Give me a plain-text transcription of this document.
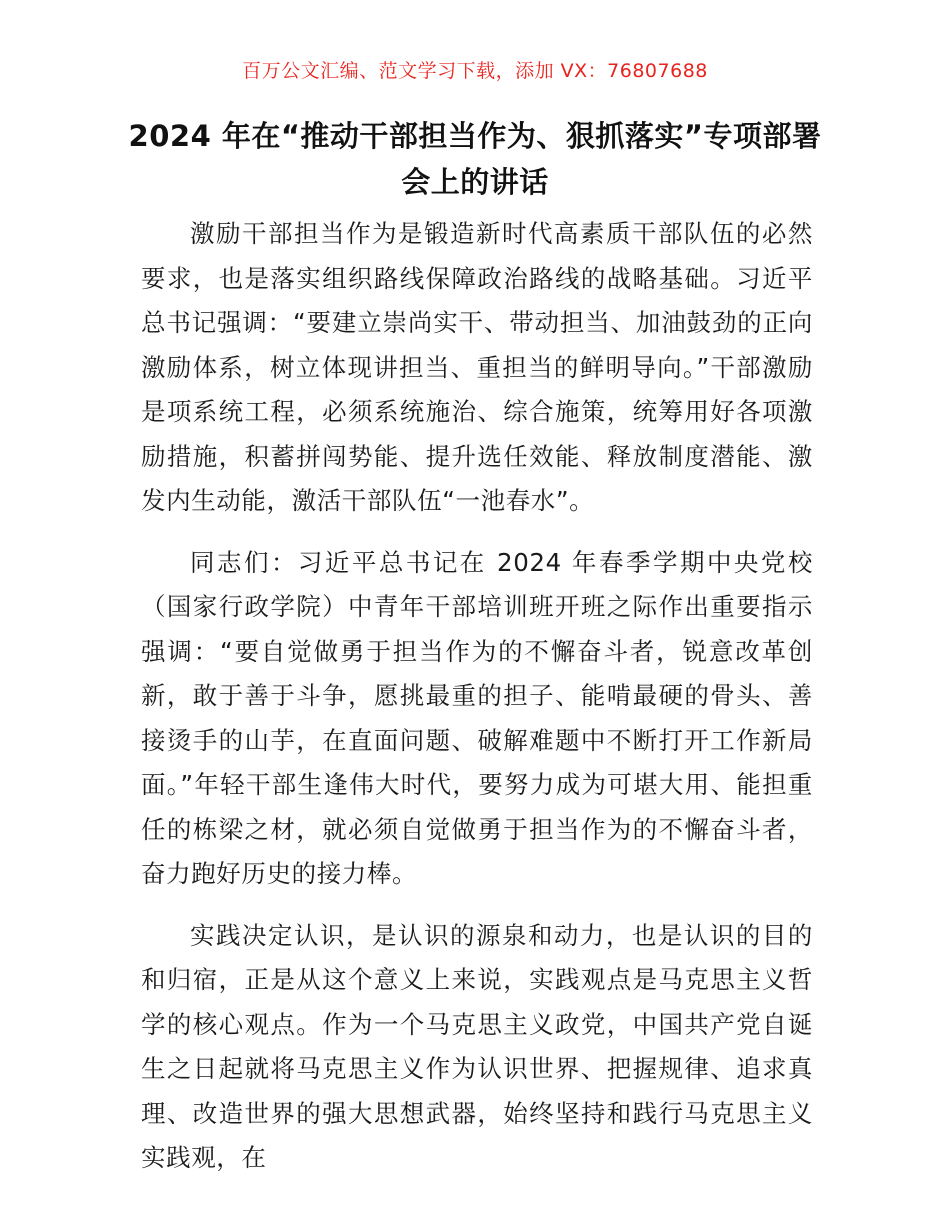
百万公文汇编、范文学习下载，添加 VX：76807688
2024 年在“推动干部担当作为、狠抓落实”专项部署会上的讲话

激励干部担当作为是锻造新时代高素质干部队伍的必然要求，也是落实组织路线保障政治路线的战略基础。习近平总书记强调：“要建立崇尚实干、带动担当、加油鼓劲的正向激励体系，树立体现讲担当、重担当的鲜明导向。”干部激励是项系统工程，必须系统施治、综合施策，统筹用好各项激励措施，积蓄拼闯势能、提升选任效能、释放制度潜能、激发内生动能，激活干部队伍“一池春水”。

同志们：习近平总书记在 2024 年春季学期中央党校（国家行政学院）中青年干部培训班开班之际作出重要指示强调：“要自觉做勇于担当作为的不懈奋斗者，锐意改革创新，敢于善于斗争，愿挑最重的担子、能啃最硬的骨头、善接烫手的山芋，在直面问题、破解难题中不断打开工作新局面。”年轻干部生逢伟大时代，要努力成为可堪大用、能担重任的栋梁之材，就必须自觉做勇于担当作为的不懈奋斗者，奋力跑好历史的接力棒。

实践决定认识，是认识的源泉和动力，也是认识的目的和归宿，正是从这个意义上来说，实践观点是马克思主义哲学的核心观点。作为一个马克思主义政党，中国共产党自诞生之日起就将马克思主义作为认识世界、把握规律、追求真理、改造世界的强大思想武器，始终坚持和践行马克思主义实践观，在
